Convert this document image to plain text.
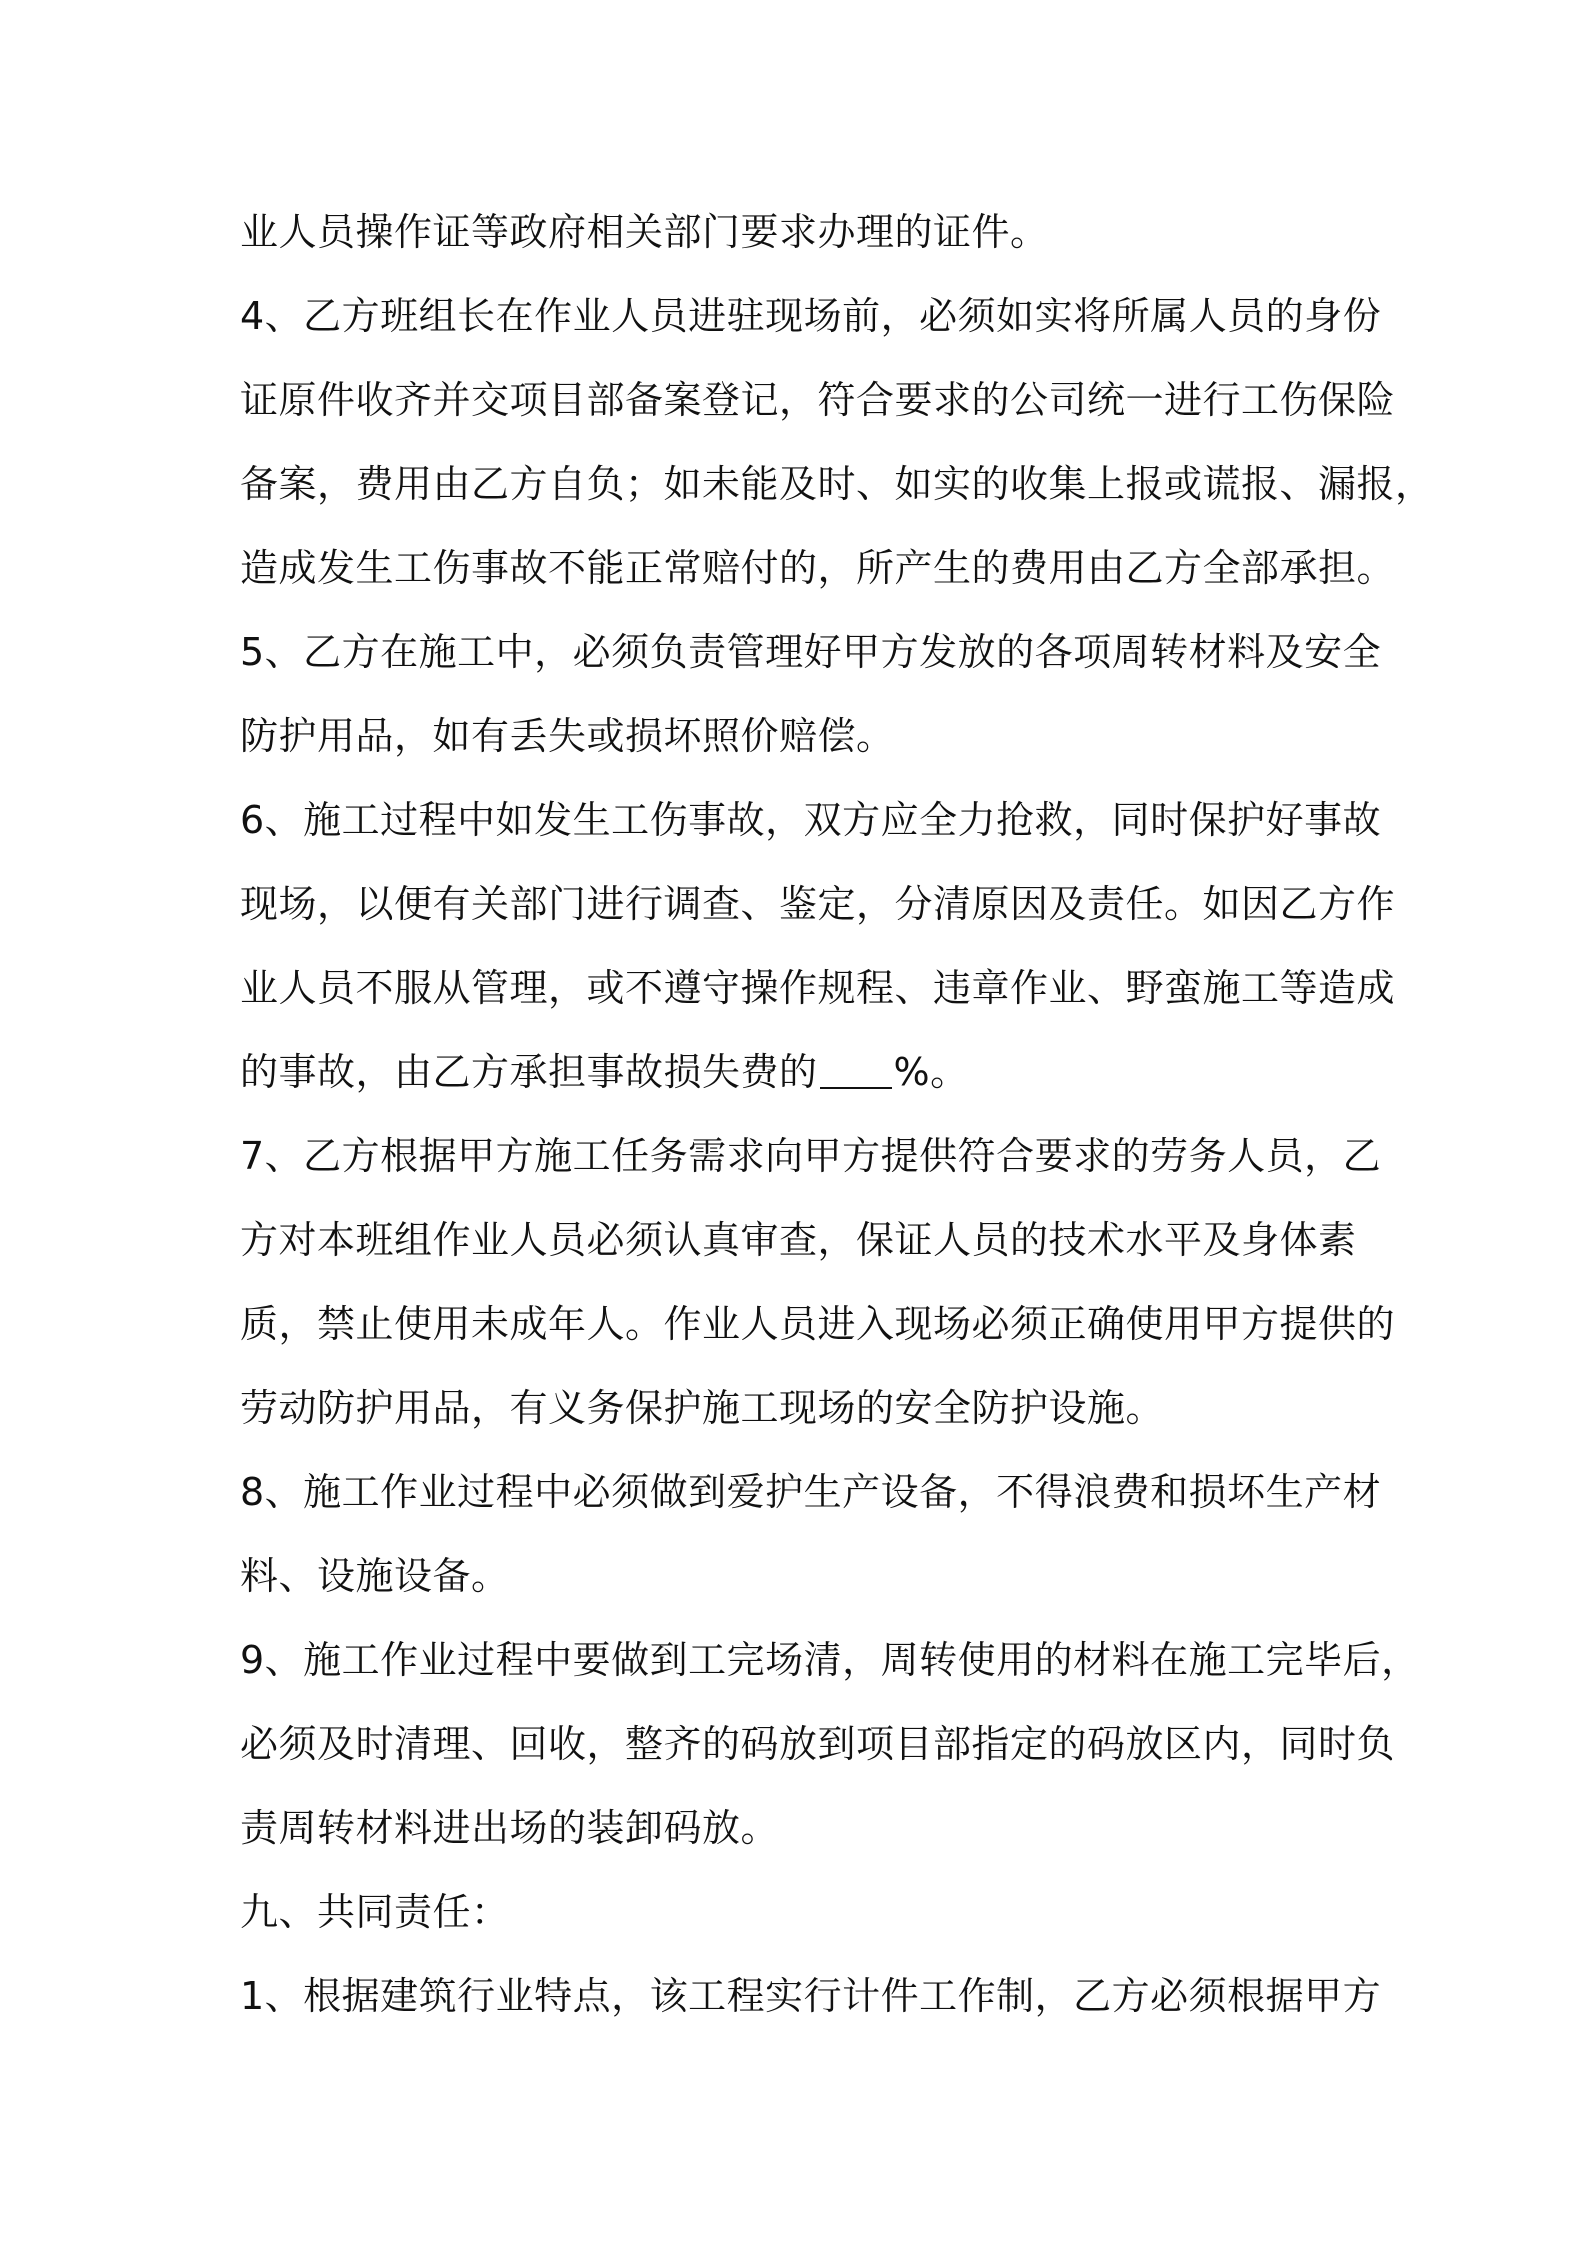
业人员操作证等政府相关部门要求办理的证件。
4、乙方班组长在作业人员进驻现场前，必须如实将所属人员的身份
证原件收齐并交项目部备案登记，符合要求的公司统一进行工伤保险
备案，费用由乙方自负；如未能及时、如实的收集上报或谎报、漏报，
造成发生工伤事故不能正常赔付的，所产生的费用由乙方全部承担。
5、乙方在施工中，必须负责管理好甲方发放的各项周转材料及安全
防护用品，如有丢失或损坏照价赔偿。
6、施工过程中如发生工伤事故，双方应全力抢救，同时保护好事故
现场，以便有关部门进行调查、鉴定，分清原因及责任。如因乙方作
业人员不服从管理，或不遵守操作规程、违章作业、野蛮施工等造成
的事故，由乙方承担事故损失费的 %。
7、乙方根据甲方施工任务需求向甲方提供符合要求的劳务人员，乙
方对本班组作业人员必须认真审查，保证人员的技术水平及身体素
质，禁止使用未成年人。作业人员进入现场必须正确使用甲方提供的
劳动防护用品，有义务保护施工现场的安全防护设施。
8、施工作业过程中必须做到爱护生产设备，不得浪费和损坏生产材
料、设施设备。
9、施工作业过程中要做到工完场清，周转使用的材料在施工完毕后，
必须及时清理、回收，整齐的码放到项目部指定的码放区内，同时负
责周转材料进出场的装卸码放。
九、共同责任：
1、根据建筑行业特点，该工程实行计件工作制，乙方必须根据甲方
